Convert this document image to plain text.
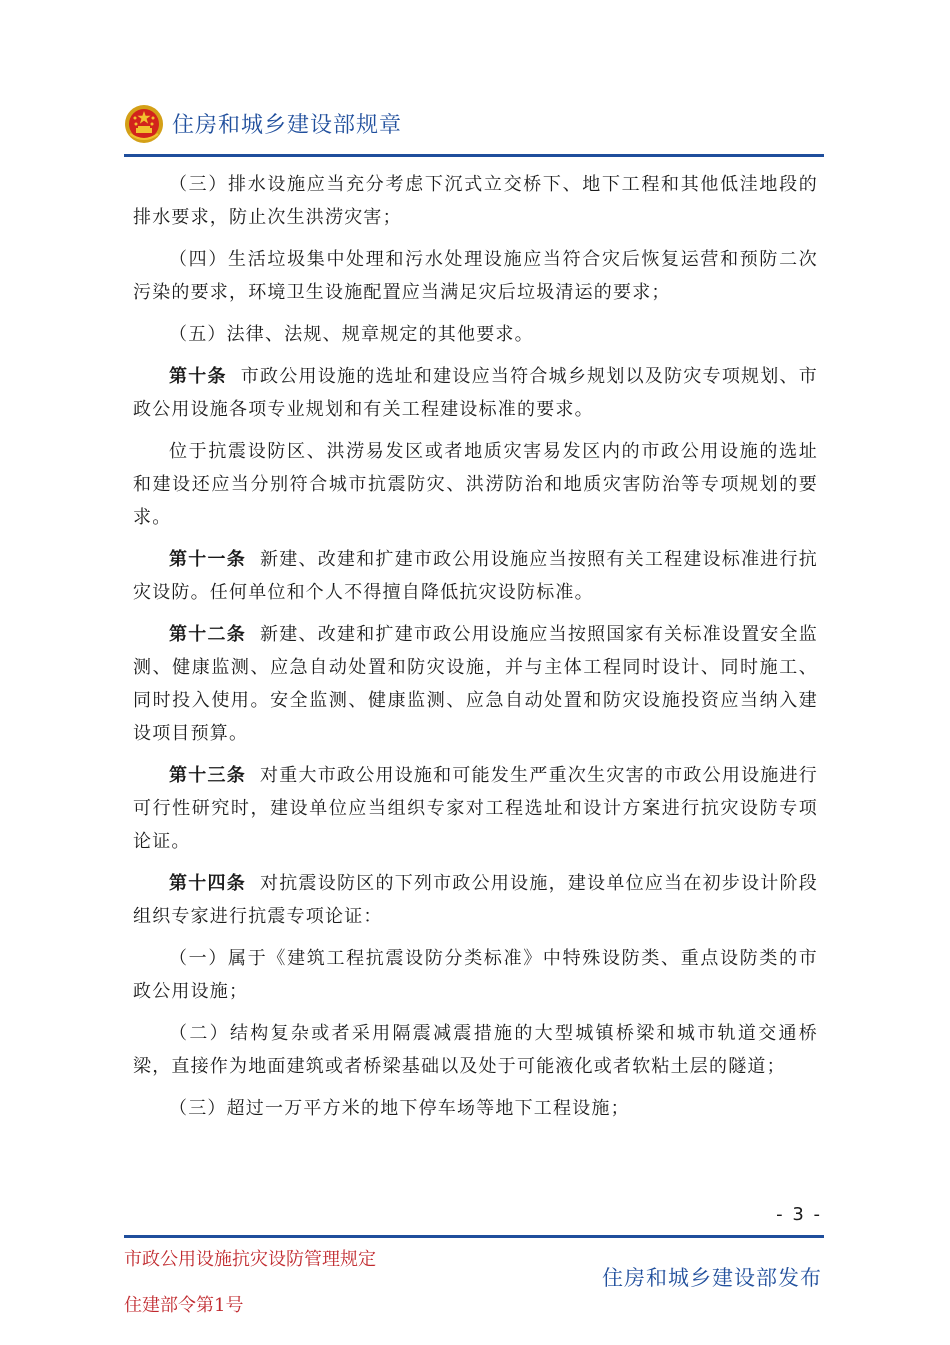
住房和城乡建设部规章

（三）排水设施应当充分考虑下沉式立交桥下、地下工程和其他低洼地段的排水要求，防止次生洪涝灾害；

（四）生活垃圾集中处理和污水处理设施应当符合灾后恢复运营和预防二次污染的要求，环境卫生设施配置应当满足灾后垃圾清运的要求；

（五）法律、法规、规章规定的其他要求。

第十条 市政公用设施的选址和建设应当符合城乡规划以及防灾专项规划、市政公用设施各项专业规划和有关工程建设标准的要求。

位于抗震设防区、洪涝易发区或者地质灾害易发区内的市政公用设施的选址和建设还应当分别符合城市抗震防灾、洪涝防治和地质灾害防治等专项规划的要求。

第十一条 新建、改建和扩建市政公用设施应当按照有关工程建设标准进行抗灾设防。任何单位和个人不得擅自降低抗灾设防标准。

第十二条 新建、改建和扩建市政公用设施应当按照国家有关标准设置安全监测、健康监测、应急自动处置和防灾设施，并与主体工程同时设计、同时施工、同时投入使用。安全监测、健康监测、应急自动处置和防灾设施投资应当纳入建设项目预算。

第十三条 对重大市政公用设施和可能发生严重次生灾害的市政公用设施进行可行性研究时，建设单位应当组织专家对工程选址和设计方案进行抗灾设防专项论证。

第十四条 对抗震设防区的下列市政公用设施，建设单位应当在初步设计阶段组织专家进行抗震专项论证：

（一）属于《建筑工程抗震设防分类标准》中特殊设防类、重点设防类的市政公用设施；

（二）结构复杂或者采用隔震减震措施的大型城镇桥梁和城市轨道交通桥梁，直接作为地面建筑或者桥梁基础以及处于可能液化或者软粘土层的隧道；

（三）超过一万平方米的地下停车场等地下工程设施；

- 3 -
市政公用设施抗灾设防管理规定
住建部令第1号
住房和城乡建设部发布
